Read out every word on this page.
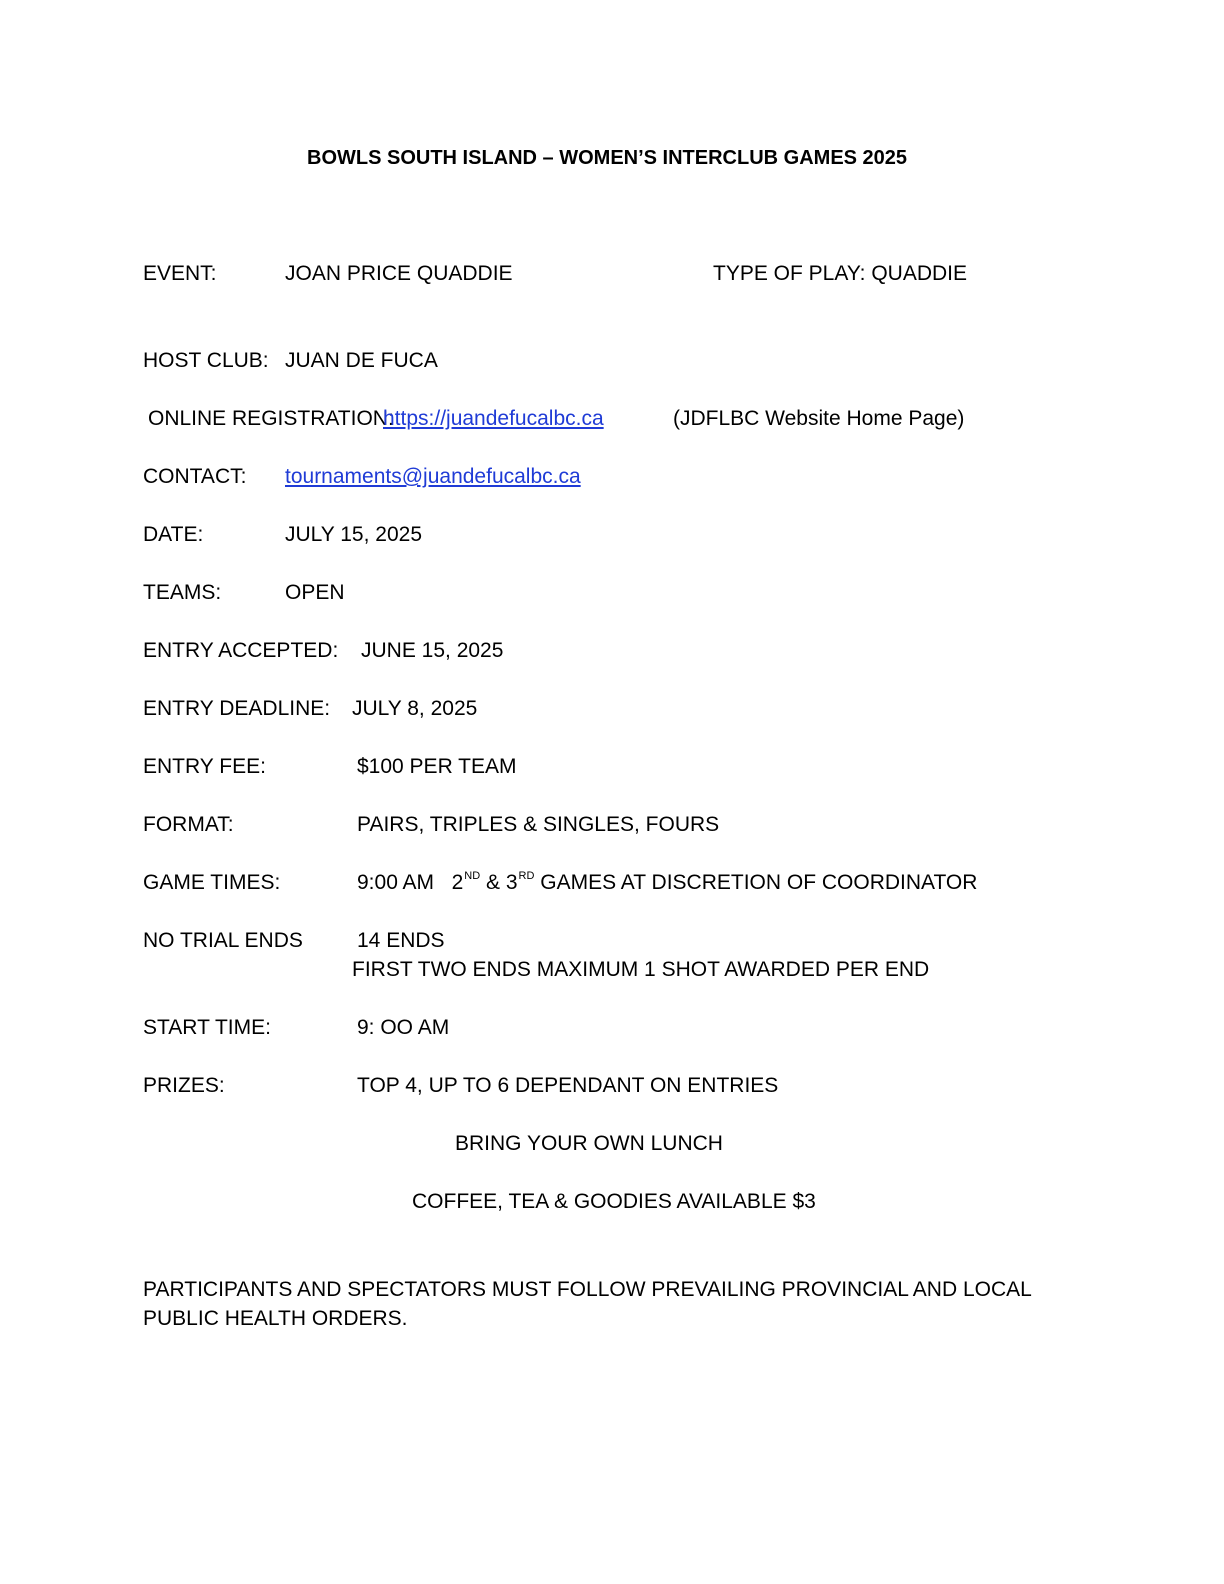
BOWLS SOUTH ISLAND – WOMEN’S INTERCLUB GAMES 2025
EVENT:	JOAN PRICE QUADDIE	TYPE OF PLAY: QUADDIE
HOST CLUB: JUAN DE FUCA
ONLINE REGISTRATION:
https://juandefucalbc.ca	(JDFLBC Website Home Page)
CONTACT: tournaments@juandefucalbc.ca
DATE:	JULY 15, 2025
TEAMS:	OPEN
ENTRY ACCEPTED: JUNE 15, 2025
ENTRY DEADLINE: JULY 8, 2025
ENTRY FEE:	$100 PER TEAM
FORMAT:	PAIRS, TRIPLES & SINGLES, FOURS
GAME TIMES:	9:00 AM 2ND & 3RD GAMES AT DISCRETION OF COORDINATOR
NO TRIAL ENDS	14 ENDS
FIRST TWO ENDS MAXIMUM 1 SHOT AWARDED PER END
START TIME:	9: OO AM
PRIZES:	TOP 4, UP TO 6 DEPENDANT ON ENTRIES
BRING YOUR OWN LUNCH
COFFEE, TEA & GOODIES AVAILABLE $3
PARTICIPANTS AND SPECTATORS MUST FOLLOW PREVAILING PROVINCIAL AND LOCAL PUBLIC HEALTH ORDERS.
